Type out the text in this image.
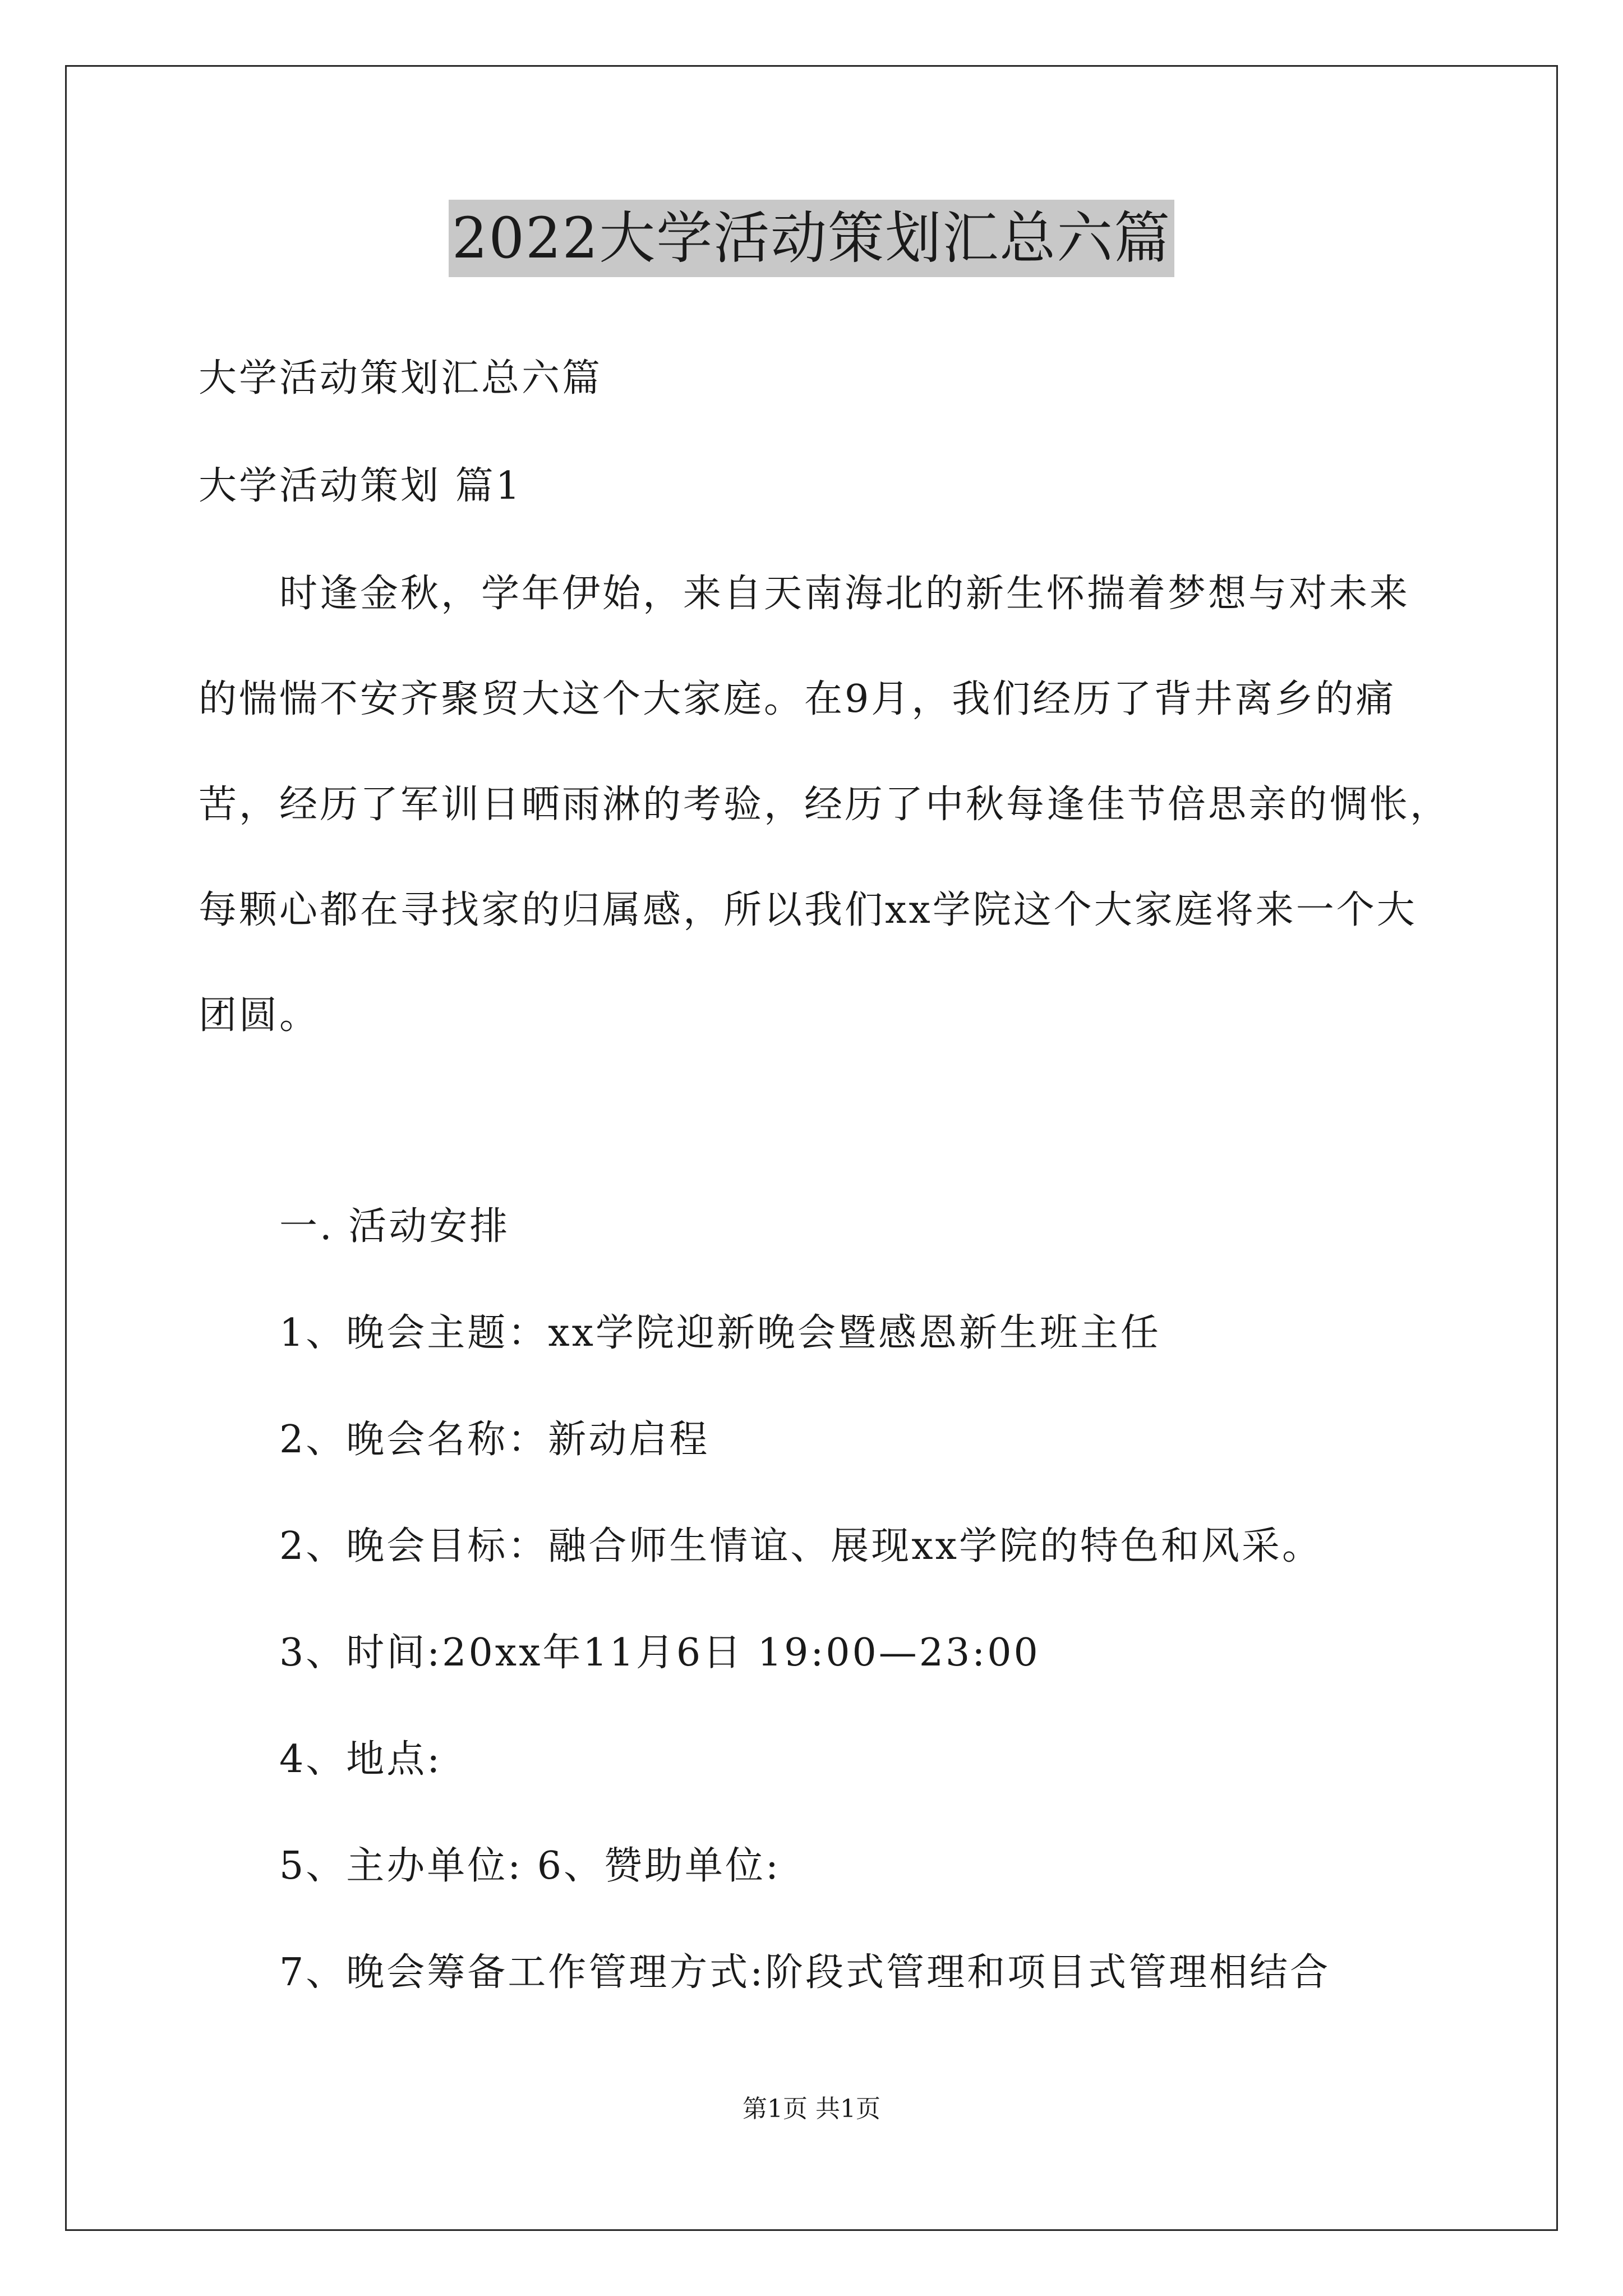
2022大学活动策划汇总六篇
大学活动策划汇总六篇
大学活动策划 篇1
时逢金秋，学年伊始，来自天南海北的新生怀揣着梦想与对未来
的惴惴不安齐聚贸大这个大家庭。在9月，我们经历了背井离乡的痛
苦，经历了军训日晒雨淋的考验，经历了中秋每逢佳节倍思亲的惆怅，
每颗心都在寻找家的归属感，所以我们xx学院这个大家庭将来一个大
团圆。
一. 活动安排
1、晚会主题：xx学院迎新晚会暨感恩新生班主任
2、晚会名称：新动启程
2、晚会目标：融合师生情谊、展现xx学院的特色和风采。
3、时间:20xx年11月6日 19:00—23:00
4、地点:
5、主办单位: 6、赞助单位:
7、晚会筹备工作管理方式:阶段式管理和项目式管理相结合
第1页 共1页
